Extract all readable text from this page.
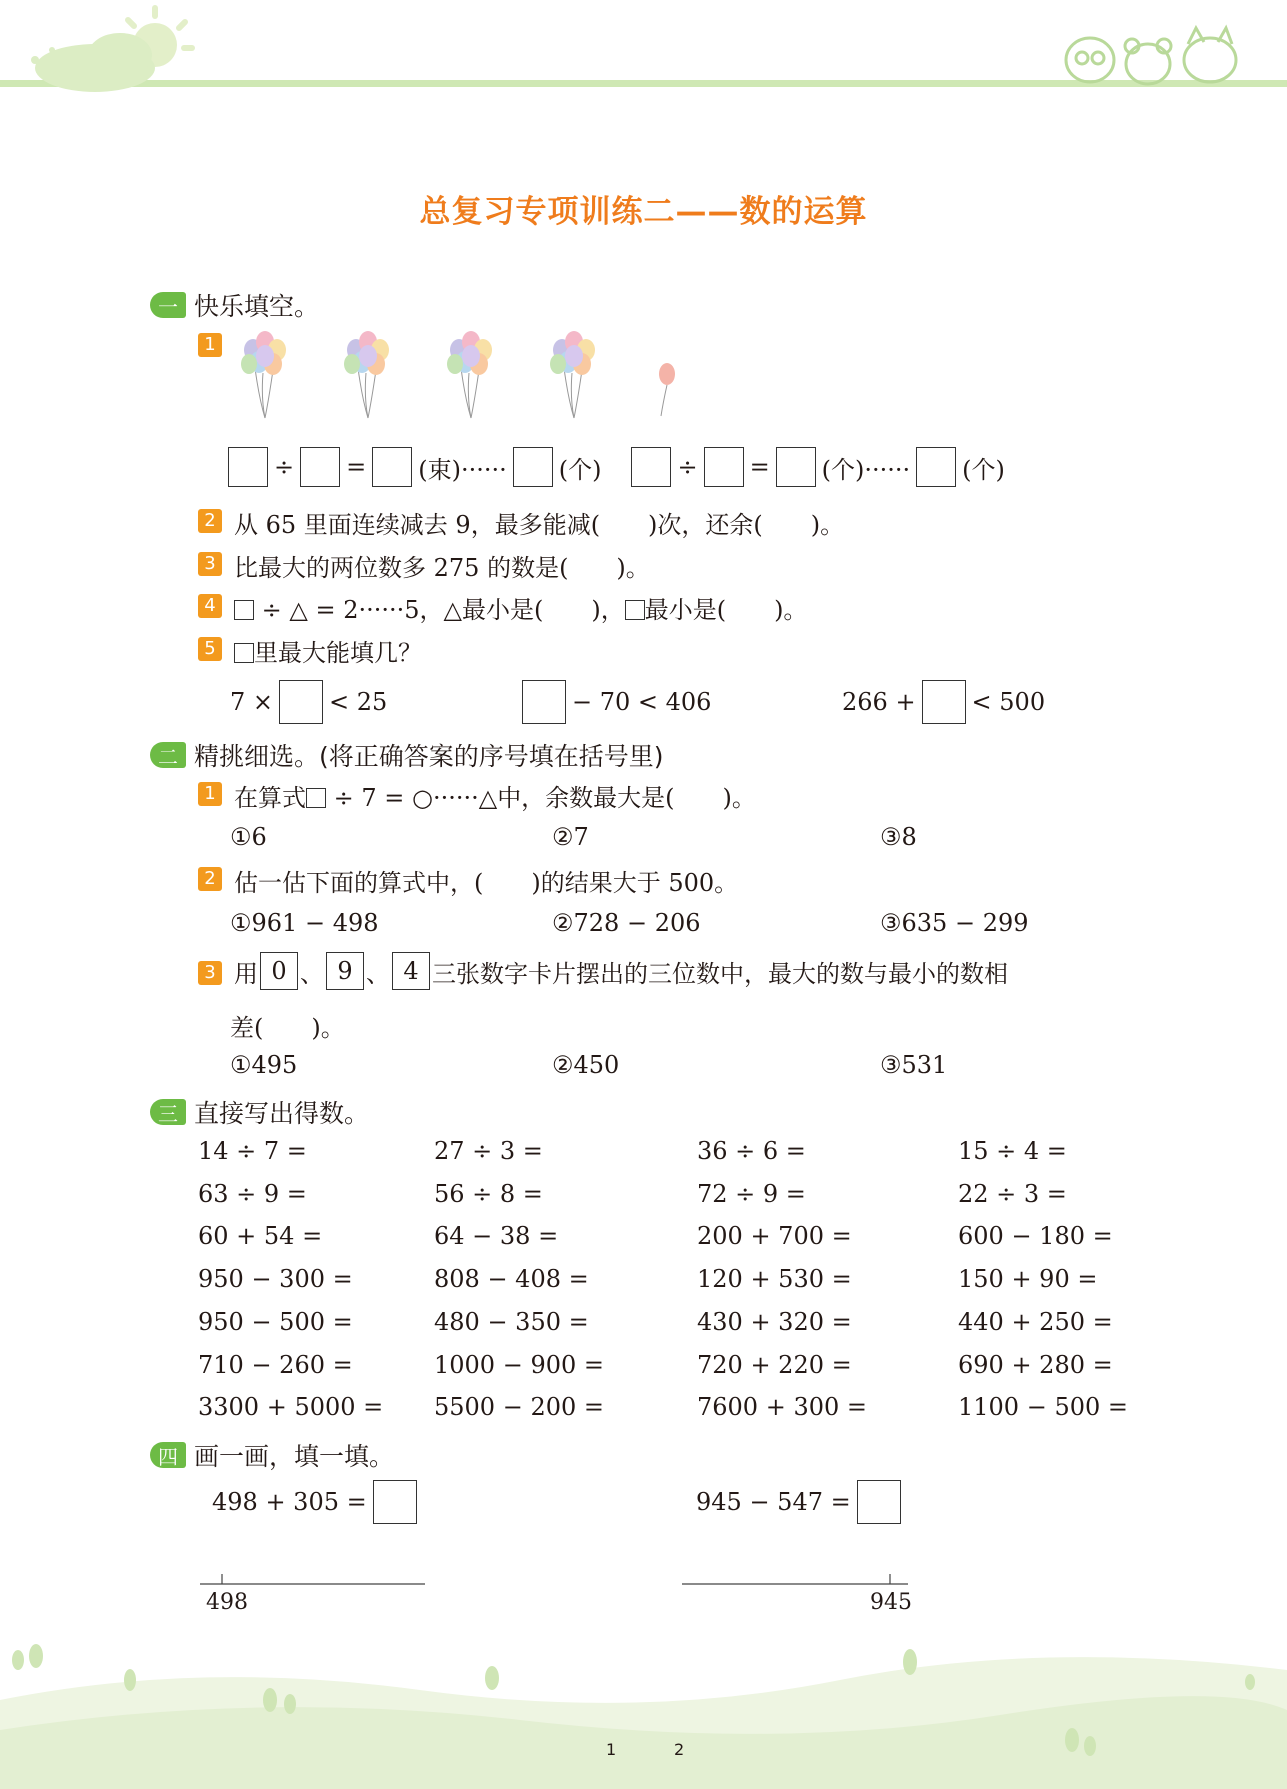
总复习专项训练二——数的运算
一 快乐填空。
1
÷ = (束)······ (个)	÷ = (个)······ (个)
2 从 65 里面连续减去 9，最多能减(　　)次，还余(　　)。
3 比最大的两位数多 275 的数是(　　)。
4	÷ △ = 2······5，△最小是(　　)， 最小是(　　)。
5	里最大能填几？
7 × < 25	− 70 < 406	266 + < 500
二 精挑细选。(将正确答案的序号填在括号里)
1 在算式 ÷ 7 = ○······△中，余数最大是(　　)。
①6	②7	③8
2 估一估下面的算式中，(　　)的结果大于 500。
①961 − 498	②728 − 206	③635 − 299
3 用 0 、 9 、 4 三张数字卡片摆出的三位数中，最大的数与最小的数相
差(　　)。
①495	②450	③531
三 直接写出得数。
14 ÷ 7 =	27 ÷ 3 =	36 ÷ 6 =	15 ÷ 4 =
63 ÷ 9 =	56 ÷ 8 =	72 ÷ 9 =	22 ÷ 3 =
60 + 54 =	64 − 38 =	200 + 700 =	600 − 180 =
950 − 300 =	808 − 408 =	120 + 530 =	150 + 90 =
950 − 500 =	480 − 350 =	430 + 320 =	440 + 250 =
710 − 260 =	1000 − 900 =	720 + 220 =	690 + 280 =
3300 + 5000 = 5500 − 200 =	7600 + 300 =	1100 − 500 =
四 画一画，填一填。
498 + 305 =	945 − 547 =
498	945
1	2
